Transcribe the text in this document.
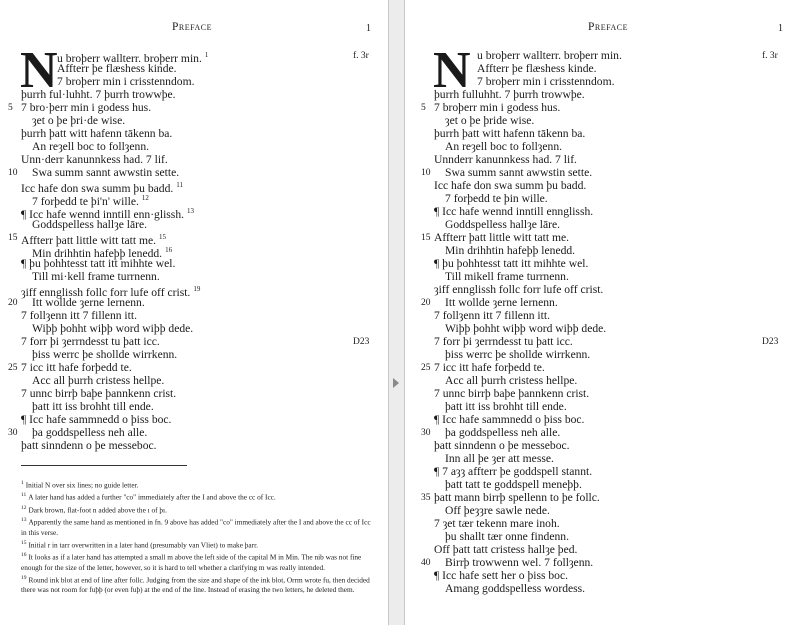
Preface	1
N u broþerr wallterr. broþerr min. $^1$	f. 3r
Affterr þe flæshess kinde.
7 broþerr min i crisstenndom.
þurrh ful·luhht. 7 þurrh trowwþe.
5 7 bro·þerr min i godess hus.
ȝet o þe þri·de wise.
þurrh þatt witt hafenn tākenn ba.
An reȝell boc to follȝenn.
Unn·derr kanunnkess had. 7 lif.
10	Swa summ sannt awwstin sette.
Icc hafe don swa summ þu badd. $^{11}$
7 forþedd te þi'n' wille. $^{12}$
¶ Icc hafe wennd inntill enn·glissh. $^{13}$
Goddspelless hallȝe lāre.
15 Affterr þatt little witt tatt me. $^{15}$
Min drihhtin hafeþþ lenedd. $^{16}$
¶ þu þohhtesst tatt itt mihhte wel.
Till mi·kell frame turrnenn.
ȝiff ennglissh follc forr lufe off crist. $^{19}$
20	Itt wollde ȝerne lernenn.
7 follȝenn itt 7 fillenn itt.
Wiþþ þohht wiþþ word wiþþ dede.
7 forr þi ȝerrndesst tu þatt icc.	D23
þiss werrc þe shollde wirrkenn.
25 7 icc itt hafe forþedd te.
Acc all þurrh cristess hellpe.
7 unnc birrþ baþe þannkenn crist.
þatt itt iss brohht till ende.
¶ Icc hafe sammnedd o þiss boc.
30	þa goddspelless neh alle.
þatt sinndenn o þe messeboc.
$^1$ Initial N over six lines; no guide letter.
$^{11}$ A later hand has added a further "co" immediately after the I and above the cc of Icc.
$^{12}$ Dark brown, flat-foot n added above the ı of þı.
$^{13}$ Apparently the same hand as mentioned in fn. 9 above has added "co" immediately after the I and above the cc of Icc in this verse.
$^{15}$ Initial r in tarr overwritten in a later hand (presumably van Vliet) to make þarr.
$^{16}$ It looks as if a later hand has attempted a small m above the left side of the capital M in Min. The nib was not fine enough for the size of the letter, however, so it is hard to tell whether a clarifying m was really intended.
$^{19}$ Round ink blot at end of line after follc. Judging from the size and shape of the ink blot, Orrm wrote fu, then decided there was not room for fuþþ (or even fuþ) at the end of the line. Instead of erasing the two letters, he deleted them.
Preface	1
N u broþerr wallterr. broþerr min.	f. 3r
Affterr þe flæshess kinde.
7 broþerr min i crisstenndom.
þurrh fulluhht. 7 þurrh trowwþe.
5 7 broþerr min i godess hus.
ȝet o þe þride wise.
þurrh þatt witt hafenn tākenn ba.
An reȝell boc to follȝenn.
Unnderr kanunnkess had. 7 lif.
10	Swa summ sannt awwstin sette.
Icc hafe don swa summ þu badd.
7 forþedd te þin wille.
¶ Icc hafe wennd inntill ennglissh.
Goddspelless hallȝe lāre.
15 Affterr þatt little witt tatt me.
Min drihhtin hafeþþ lenedd.
¶ þu þohhtesst tatt itt mihhte wel.
Till mikell frame turrnenn.
ȝiff ennglissh follc forr lufe off crist.
20	Itt wollde ȝerne lernenn.
7 follȝenn itt 7 fillenn itt.
Wiþþ þohht wiþþ word wiþþ dede.
7 forr þi ȝerrndesst tu þatt icc.	D23
þiss werrc þe shollde wirrkenn.
25 7 icc itt hafe forþedd te.
Acc all þurrh cristess hellpe.
7 unnc birrþ baþe þannkenn crist.
þatt itt iss brohht till ende.
¶ Icc hafe sammnedd o þiss boc.
30	þa goddspelless neh alle.
þatt sinndenn o þe messeboc.
Inn all þe ȝer att messe.
¶ 7 aȝȝ affterr þe goddspell stannt.
þatt tatt te goddspell meneþþ.
35 þatt mann birrþ spellenn to þe follc.
Off þeȝȝre sawle nede.
7 ȝet tær tekenn mare inoh.
þu shallt tær onne findenn.
Off þatt tatt cristess hallȝe þed.
40	Birrþ trowwenn wel. 7 follȝenn.
¶ Icc hafe sett her o þiss boc.
Amang goddspelless wordess.
